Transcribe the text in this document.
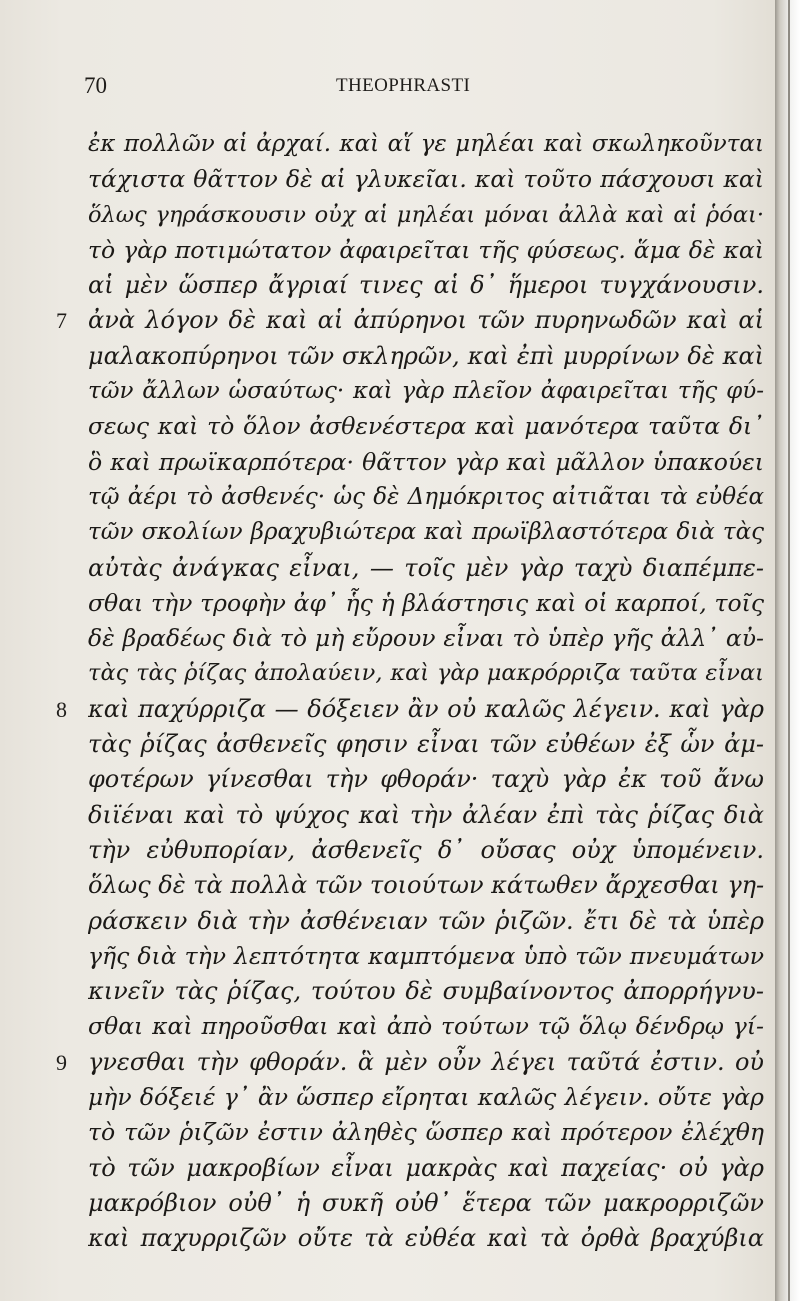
70	THEOPHRASTI
ἐκ πολλῶν αἱ ἀρχαί. καὶ αἵ γε μηλέαι καὶ σκωληκοῦνται
τάχιστα θᾶττον δὲ αἱ γλυκεῖαι. καὶ τοῦτο πάσχουσι καὶ
ὅλως γηράσκουσιν οὐχ αἱ μηλέαι μόναι ἀλλὰ καὶ αἱ ῥόαι·
τὸ γὰρ ποτιμώτατον ἀφαιρεῖται τῆς φύσεως. ἅμα δὲ καὶ
αἱ μὲν ὥσπερ ἄγριαί τινες αἱ δ᾿ ἥμεροι τυγχάνουσιν.
7 ἀνὰ λόγον δὲ καὶ αἱ ἀπύρηνοι τῶν πυρηνωδῶν καὶ αἱ
μαλακοπύρηνοι τῶν σκληρῶν, καὶ ἐπὶ μυρρίνων δὲ καὶ
τῶν ἄλλων ὡσαύτως· καὶ γὰρ πλεῖον ἀφαιρεῖται τῆς φύ-
σεως καὶ τὸ ὅλον ἀσθενέστερα καὶ μανότερα ταῦτα δι᾿
ὃ καὶ πρωϊκαρπότερα· θᾶττον γὰρ καὶ μᾶλλον ὑπακούει
τῷ ἀέρι τὸ ἀσθενές· ὡς δὲ Δημόκριτος αἰτιᾶται τὰ εὐθέα
τῶν σκολίων βραχυβιώτερα καὶ πρωϊβλαστότερα διὰ τὰς
αὐτὰς ἀνάγκας εἶναι, — τοῖς μὲν γὰρ ταχὺ διαπέμπε-
σθαι τὴν τροφὴν ἀφ᾿ ἧς ἡ βλάστησις καὶ οἱ καρποί, τοῖς
δὲ βραδέως διὰ τὸ μὴ εὔρουν εἶναι τὸ ὑπὲρ γῆς ἀλλ᾿ αὐ-
τὰς τὰς ῥίζας ἀπολαύειν, καὶ γὰρ μακρόρριζα ταῦτα εἶναι
8 καὶ παχύρριζα — δόξειεν ἂν οὐ καλῶς λέγειν. καὶ γὰρ
τὰς ῥίζας ἀσθενεῖς φησιν εἶναι τῶν εὐθέων ἐξ ὧν ἀμ-
φοτέρων γίνεσθαι τὴν φθοράν· ταχὺ γὰρ ἐκ τοῦ ἄνω
διϊέναι καὶ τὸ ψύχος καὶ τὴν ἀλέαν ἐπὶ τὰς ῥίζας διὰ
τὴν εὐθυπορίαν, ἀσθενεῖς δ᾿ οὔσας οὐχ ὑπομένειν.
ὅλως δὲ τὰ πολλὰ τῶν τοιούτων κάτωθεν ἄρχεσθαι γη-
ράσκειν διὰ τὴν ἀσθένειαν τῶν ῥιζῶν. ἔτι δὲ τὰ ὑπὲρ
γῆς διὰ τὴν λεπτότητα καμπτόμενα ὑπὸ τῶν πνευμάτων
κινεῖν τὰς ῥίζας, τούτου δὲ συμβαίνοντος ἀπορρήγνυ-
σθαι καὶ πηροῦσθαι καὶ ἀπὸ τούτων τῷ ὅλῳ δένδρῳ γί-
9 γνεσθαι τὴν φθοράν. ἃ μὲν οὖν λέγει ταῦτά ἐστιν. οὐ
μὴν δόξειέ γ᾿ ἂν ὥσπερ εἴρηται καλῶς λέγειν. οὔτε γὰρ
τὸ τῶν ῥιζῶν ἐστιν ἀληθὲς ὥσπερ καὶ πρότερον ἐλέχθη
τὸ τῶν μακροβίων εἶναι μακρὰς καὶ παχείας· οὐ γὰρ
μακρόβιον οὐθ᾿ ἡ συκῆ οὐθ᾿ ἕτερα τῶν μακρορριζῶν
καὶ παχυρριζῶν οὔτε τὰ εὐθέα καὶ τὰ ὀρθὰ βραχύβια
